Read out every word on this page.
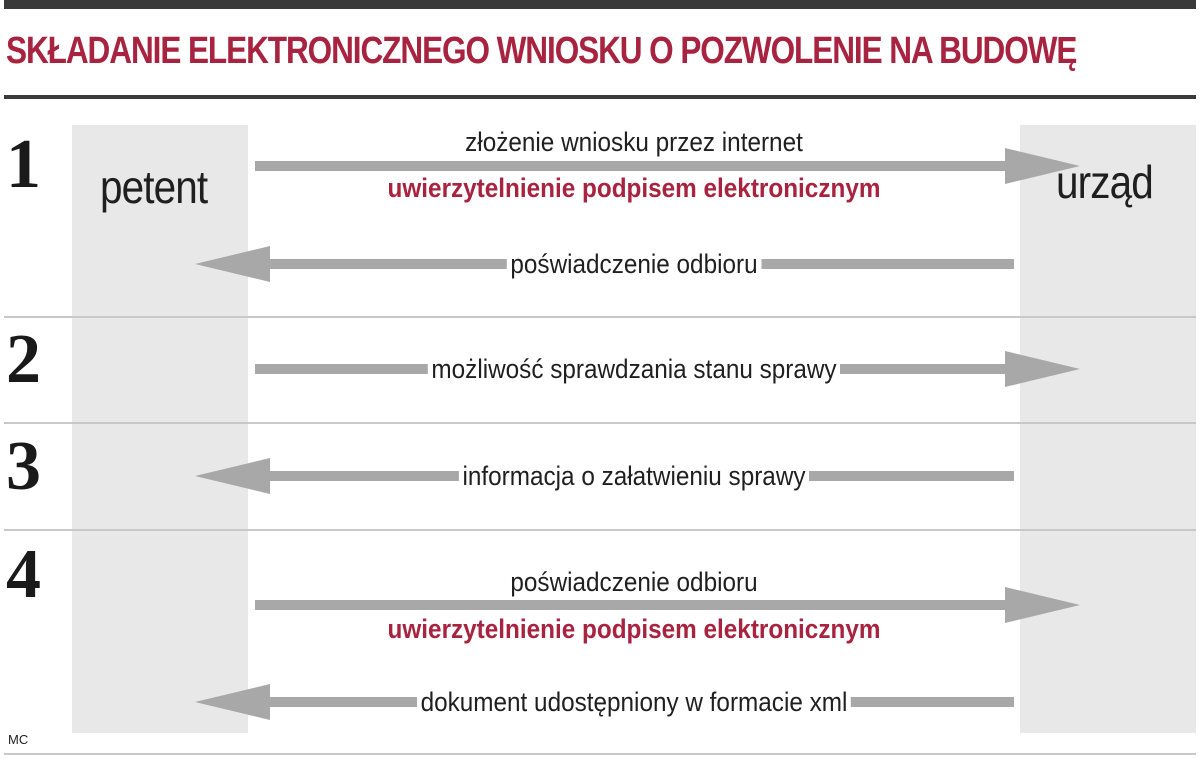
SKŁADANIE ELEKTRONICZNEGO WNIOSKU O POZWOLENIE NA BUDOWĘ
petent	urząd
1
2
3
4
złożenie wniosku przez internet
uwierzytelnienie podpisem elektronicznym
poświadczenie odbioru
możliwość sprawdzania stanu sprawy
informacja o załatwieniu sprawy
poświadczenie odbioru
uwierzytelnienie podpisem elektronicznym
dokument udostępniony w formacie xml
MC
